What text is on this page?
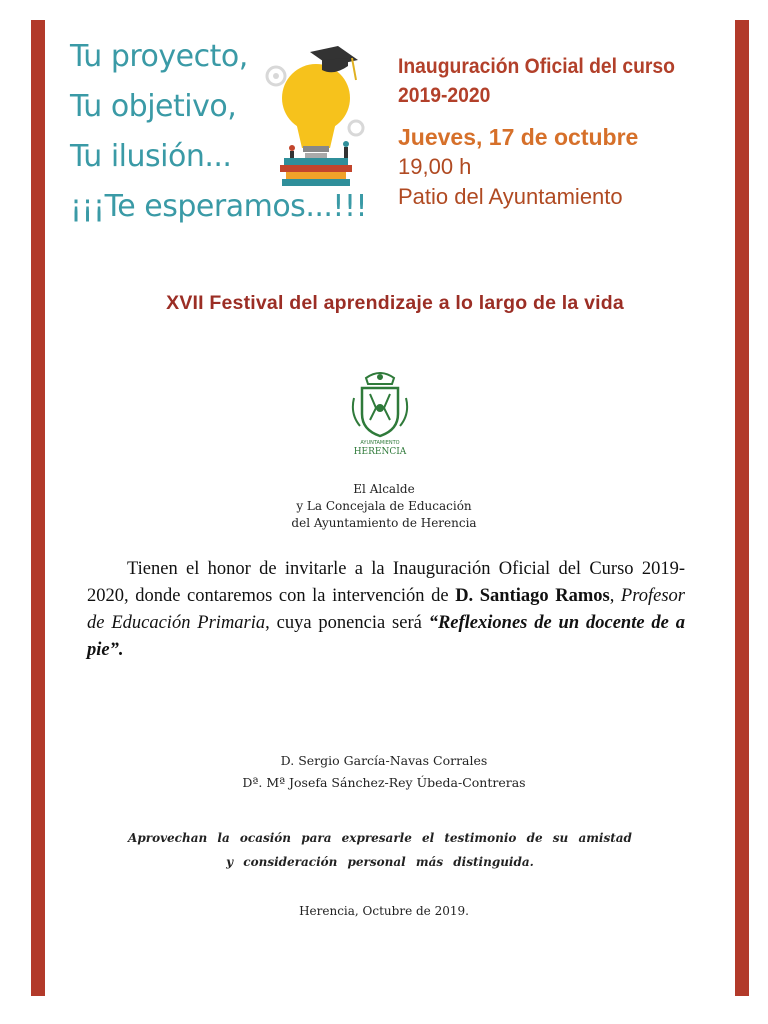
Tu proyecto,
Tu objetivo,
Tu ilusión...
¡¡¡Te esperamos...!!!
Inauguración Oficial del curso
2019-2020
Jueves, 17 de octubre
19,00 h
Patio del Ayuntamiento
XVII Festival del aprendizaje a lo largo de la vida
AYUNTAMIENTO
HERENCIA
El Alcalde
y La Concejala de Educación
del Ayuntamiento de Herencia
Tienen el honor de invitarle a la Inauguración Oficial del Curso 2019-2020, donde contaremos con la intervención de D. Santiago Ramos, Profesor de Educación Primaria, cuya ponencia será “Reflexiones de un docente de a pie”.
D. Sergio García-Navas Corrales
Dª. Mª Josefa Sánchez-Rey Úbeda-Contreras
Aprovechan la ocasión para expresarle el testimonio de su amistad
y consideración personal más distinguida.
Herencia, Octubre de 2019.
